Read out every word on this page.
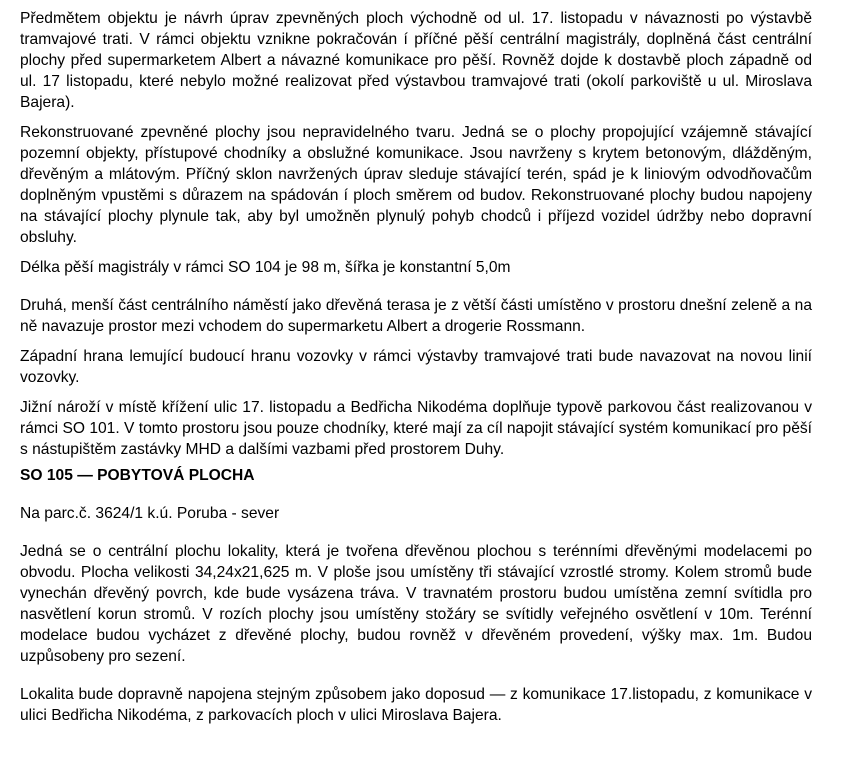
Předmětem objektu je návrh úprav zpevněných ploch východně od ul. 17. listopadu v návaznosti po výstavbě tramvajové trati. V rámci objektu vznikne pokračován í příčné pěší centrální magistrály, doplněná část centrální plochy před supermarketem Albert a návazné komunikace pro pěší. Rovněž dojde k dostavbě ploch západně od ul. 17 listopadu, které nebylo možné realizovat před výstavbou tramvajové trati (okolí parkoviště u ul. Miroslava Bajera).

Rekonstruované zpevněné plochy jsou nepravidelného tvaru. Jedná se o plochy propojující vzájemně stávající pozemní objekty, přístupové chodníky a obslužné komunikace. Jsou navrženy s krytem betonovým, dlážděným, dřevěným a mlátovým. Příčný sklon navržených úprav sleduje stávající terén, spád je k liniovým odvodňovačům doplněným vpustěmi s důrazem na spádován í ploch směrem od budov. Rekonstruované plochy budou napojeny na stávající plochy plynule tak, aby byl umožněn plynulý pohyb chodců i příjezd vozidel údržby nebo dopravní obsluhy.

Délka pěší magistrály v rámci SO 104 je 98 m, šířka je konstantní 5,0m

Druhá, menší část centrálního náměstí jako dřevěná terasa je z větší části umístěno v prostoru dnešní zeleně a na ně navazuje prostor mezi vchodem do supermarketu Albert a drogerie Rossmann.

Západní hrana lemující budoucí hranu vozovky v rámci výstavby tramvajové trati bude navazovat na novou linií vozovky.

Jižní nároží v místě křížení ulic 17. listopadu a Bedřicha Nikodéma doplňuje typově parkovou část realizovanou v rámci SO 101. V tomto prostoru jsou pouze chodníky, které mají za cíl napojit stávající systém komunikací pro pěší s nástupištěm zastávky MHD a dalšími vazbami před prostorem Duhy.

SO 105 — POBYTOVÁ PLOCHA

Na parc.č. 3624/1 k.ú. Poruba - sever

Jedná se o centrální plochu lokality, která je tvořena dřevěnou plochou s terénními dřevěnými modelacemi po obvodu. Plocha velikosti 34,24x21,625 m. V ploše jsou umístěny tři stávající vzrostlé stromy. Kolem stromů bude vynechán dřevěný povrch, kde bude vysázena tráva. V travnatém prostoru budou umístěna zemní svítidla pro nasvětlení korun stromů. V rozích plochy jsou umístěny stožáry se svítidly veřejného osvětlení v 10m. Terénní modelace budou vycházet z dřevěné plochy, budou rovněž v dřevěném provedení, výšky max. 1m. Budou uzpůsobeny pro sezení.

Lokalita bude dopravně napojena stejným způsobem jako doposud — z komunikace 17.listopadu, z komunikace v ulici Bedřicha Nikodéma, z parkovacích ploch v ulici Miroslava Bajera.
